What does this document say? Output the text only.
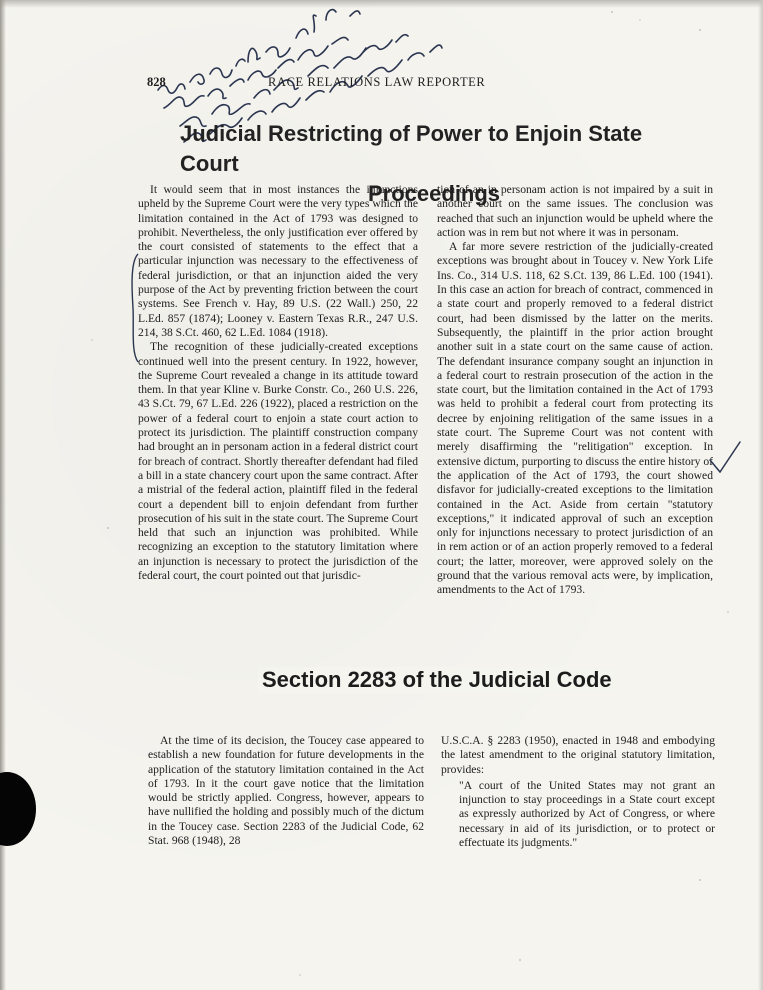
828	RACE RELATIONS LAW REPORTER
Judicial Restricting of Power to Enjoin State Court
Proceedings

It would seem that in most instances the injunctions upheld by the Supreme Court were the very types which the limitation contained in the Act of 1793 was designed to prohibit. Nevertheless, the only justification ever offered by the court consisted of statements to the effect that a particular injunction was necessary to the effectiveness of federal jurisdiction, or that an injunction aided the very purpose of the Act by preventing friction between the court systems. See French v. Hay, 89 U.S. (22 Wall.) 250, 22 L.Ed. 857 (1874); Looney v. Eastern Texas R.R., 247 U.S. 214, 38 S.Ct. 460, 62 L.Ed. 1084 (1918).

The recognition of these judicially-created exceptions continued well into the present century. In 1922, however, the Supreme Court revealed a change in its attitude toward them. In that year Kline v. Burke Constr. Co., 260 U.S. 226, 43 S.Ct. 79, 67 L.Ed. 226 (1922), placed a restriction on the power of a federal court to enjoin a state court action to protect its jurisdiction. The plaintiff construction company had brought an in personam action in a federal district court for breach of contract. Shortly thereafter defendant had filed a bill in a state chancery court upon the same contract. After a mistrial of the federal action, plaintiff filed in the federal court a dependent bill to enjoin defendant from further prosecution of his suit in the state court. The Supreme Court held that such an injunction was prohibited. While recognizing an exception to the statutory limitation where an injunction is necessary to protect the jurisdiction of the federal court, the court pointed out that jurisdic-

tion of an in personam action is not impaired by a suit in another court on the same issues. The conclusion was reached that such an injunction would be upheld where the action was in rem but not where it was in personam.

A far more severe restriction of the judicially-created exceptions was brought about in Toucey v. New York Life Ins. Co., 314 U.S. 118, 62 S.Ct. 139, 86 L.Ed. 100 (1941). In this case an action for breach of contract, commenced in a state court and properly removed to a federal district court, had been dismissed by the latter on the merits. Subsequently, the plaintiff in the prior action brought another suit in a state court on the same cause of action. The defendant insurance company sought an injunction in a federal court to restrain prosecution of the action in the state court, but the limitation contained in the Act of 1793 was held to prohibit a federal court from protecting its decree by enjoining relitigation of the same issues in a state court. The Supreme Court was not content with merely disaffirming the "relitigation" exception. In extensive dictum, purporting to discuss the entire history of the application of the Act of 1793, the court showed disfavor for judicially-created exceptions to the limitation contained in the Act. Aside from certain "statutory exceptions," it indicated approval of such an exception only for injunctions necessary to protect jurisdiction of an in rem action or of an action properly removed to a federal court; the latter, moreover, were approved solely on the ground that the various removal acts were, by implication, amendments to the Act of 1793.

Section 2283 of the Judicial Code

At the time of its decision, the Toucey case appeared to establish a new foundation for future developments in the application of the statutory limitation contained in the Act of 1793. In it the court gave notice that the limitation would be strictly applied. Congress, however, appears to have nullified the holding and possibly much of the dictum in the Toucey case. Section 2283 of the Judicial Code, 62 Stat. 968 (1948), 28

U.S.C.A. § 2283 (1950), enacted in 1948 and embodying the latest amendment to the original statutory limitation, provides:

"A court of the United States may not grant an injunction to stay proceedings in a State court except as expressly authorized by Act of Congress, or where necessary in aid of its jurisdiction, or to protect or effectuate its judgments."
